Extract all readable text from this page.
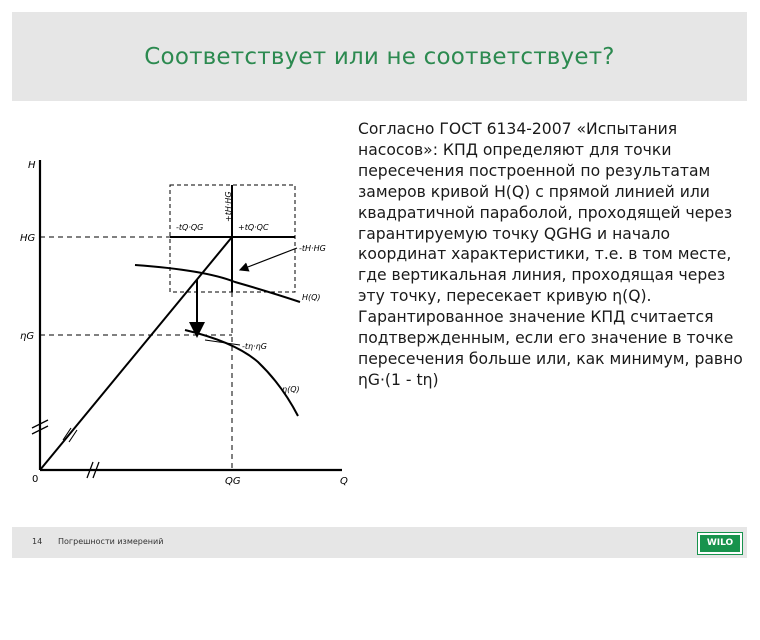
Соответствует или не соответствует?
H
Q
0
HG
QG
ηG
-tQ·QG	+tQ·QC
+tH·HG
-tH·HG
H(Q)
-tη·ηG
η(Q)
Согласно ГОСТ 6134-2007 «Испытания насосов»: КПД определяют для точки пересечения построенной по результатам замеров кривой H(Q) с прямой линией или квадратичной параболой, проходящей через гарантируемую точку QGHG и начало координат характеристики, т.е. в том месте, где вертикальная линия, проходящая через эту точку, пересекает кривую η(Q).
Гарантированное значение КПД считается подтвержденным, если его значение в точке пересечения больше или, как минимум, равно ηG·(1 - tη)
14 Погрешности измерений	WILO
